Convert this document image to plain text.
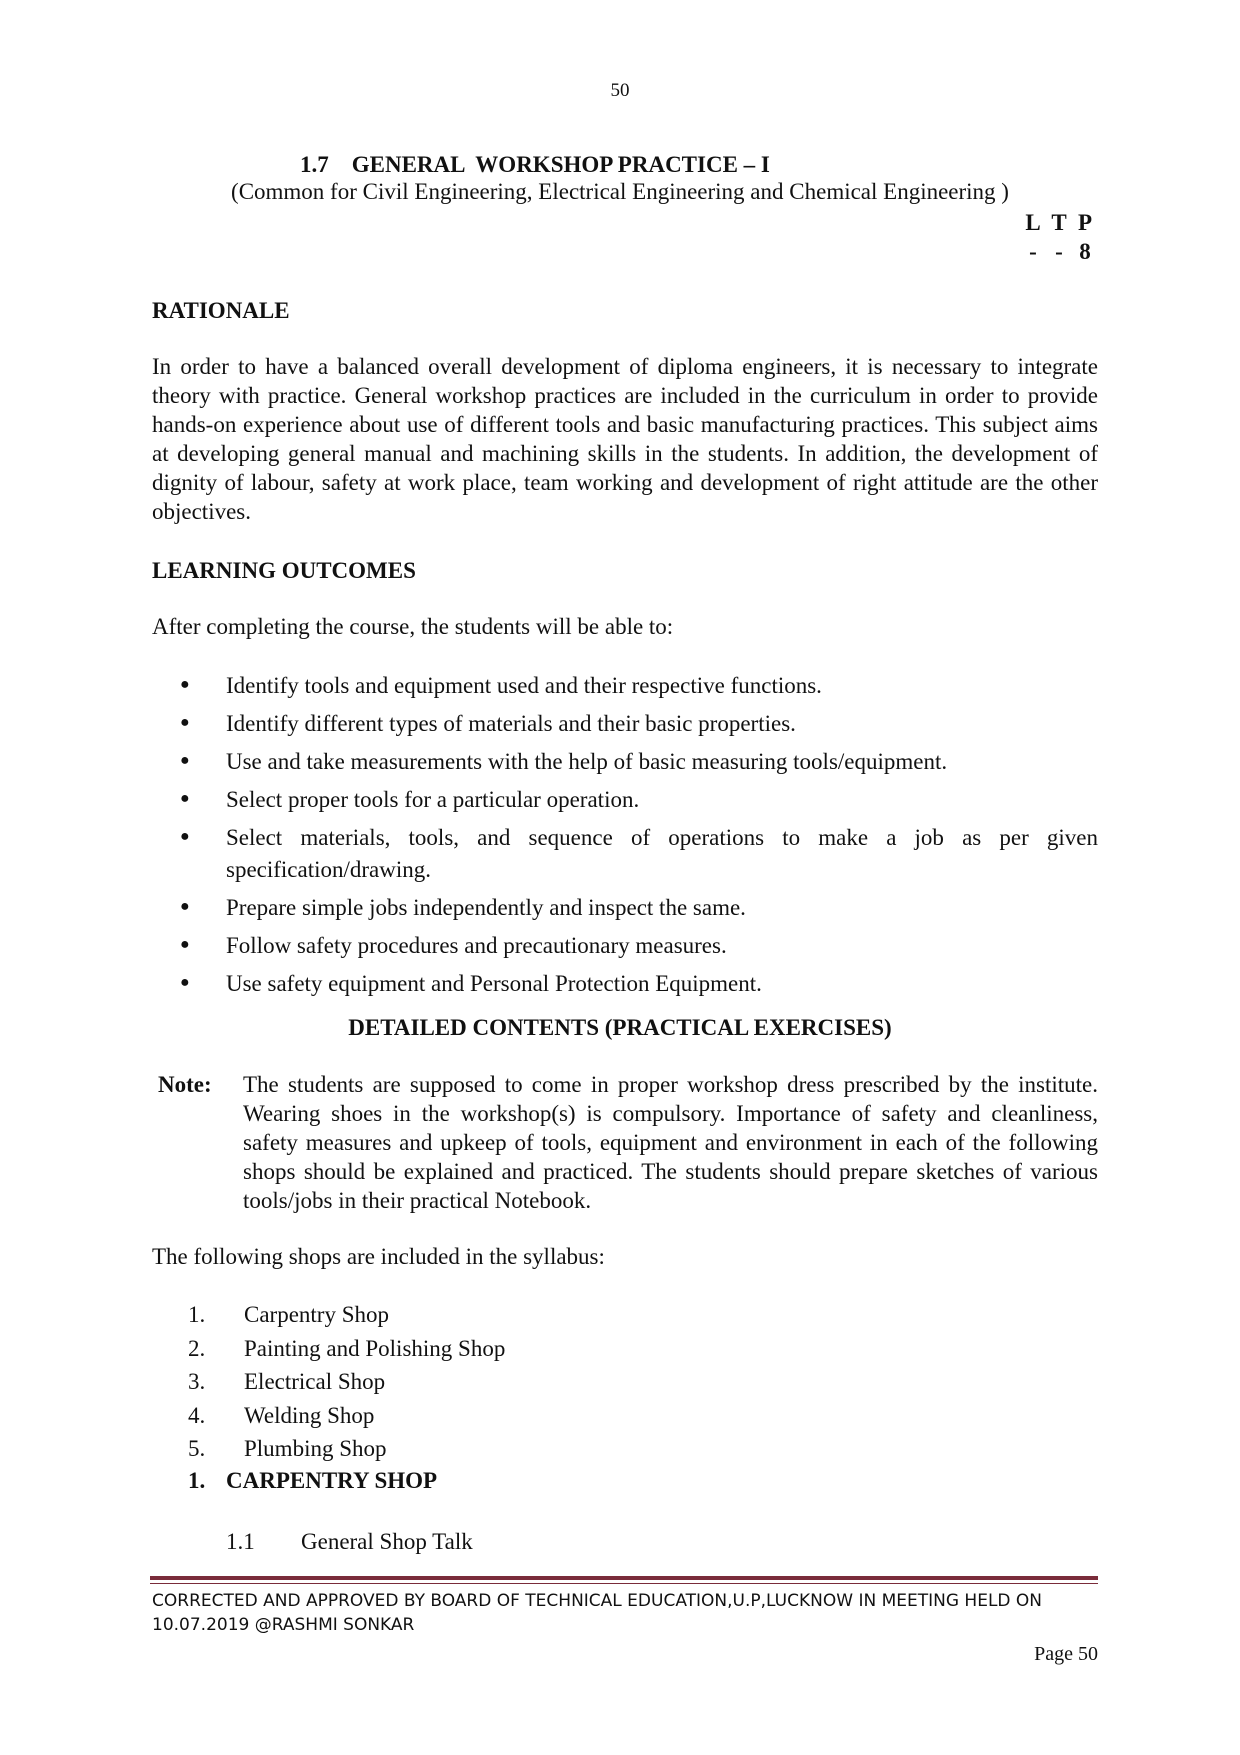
50
1.7    GENERAL  WORKSHOP PRACTICE – I
(Common for Civil Engineering, Electrical Engineering and Chemical Engineering )
L T P
- - 8
RATIONALE
In order to have a balanced overall development of diploma engineers, it is necessary to integrate theory with practice. General workshop practices are included in the curriculum in order to provide hands-on experience about use of different tools and basic manufacturing practices. This subject aims at developing general manual and machining skills in the students. In addition, the development of dignity of labour, safety at work place, team working and development of right attitude are the other objectives.
LEARNING OUTCOMES
After completing the course, the students will be able to:
●	Identify tools and equipment used and their respective functions.
●	Identify different types of materials and their basic properties.
●	Use and take measurements with the help of basic measuring tools/equipment.
●	Select proper tools for a particular operation.
●	Select materials, tools, and sequence of operations to make a job as per given specification/drawing.
●	Prepare simple jobs independently and inspect the same.
●	Follow safety procedures and precautionary measures.
●	Use safety equipment and Personal Protection Equipment.
DETAILED CONTENTS (PRACTICAL EXERCISES)
Note: The students are supposed to come in proper workshop dress prescribed by the institute. Wearing shoes in the workshop(s) is compulsory. Importance of safety and cleanliness, safety measures and upkeep of tools, equipment and environment in each of the following shops should be explained and practiced. The students should prepare sketches of various tools/jobs in their practical Notebook.
The following shops are included in the syllabus:
1.	Carpentry Shop
2.	Painting and Polishing Shop
3.	Electrical Shop
4.	Welding Shop
5.	Plumbing Shop
1. CARPENTRY SHOP
1.1	General Shop Talk
CORRECTED AND APPROVED BY BOARD OF TECHNICAL EDUCATION,U.P,LUCKNOW IN MEETING HELD ON 10.07.2019 @RASHMI SONKAR
Page 50
